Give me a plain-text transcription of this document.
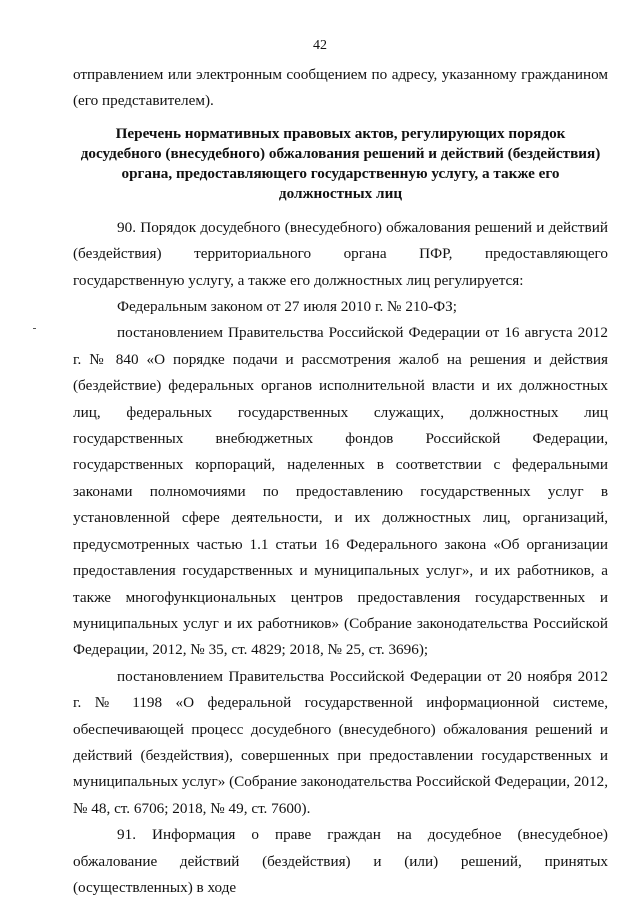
42

отправлением или электронным сообщением по адресу, указанному гражданином (его представителем).

Перечень нормативных правовых актов, регулирующих порядок досудебного (внесудебного) обжалования решений и действий (бездействия) органа, предоставляющего государственную услугу, а также его должностных лиц

90. Порядок досудебного (внесудебного) обжалования решений и действий (бездействия) территориального органа ПФР, предоставляющего государственную услугу, а также его должностных лиц регулируется:

Федеральным законом от 27 июля 2010 г. № 210-ФЗ;

постановлением Правительства Российской Федерации от 16 августа 2012 г. № 840 «О порядке подачи и рассмотрения жалоб на решения и действия (бездействие) федеральных органов исполнительной власти и их должностных лиц, федеральных государственных служащих, должностных лиц государственных внебюджетных фондов Российской Федерации, государственных корпораций, наделенных в соответствии с федеральными законами полномочиями по предоставлению государственных услуг в установленной сфере деятельности, и их должностных лиц, организаций, предусмотренных частью 1.1 статьи 16 Федерального закона «Об организации предоставления государственных и муниципальных услуг», и их работников, а также многофункциональных центров предоставления государственных и муниципальных услуг и их работников» (Собрание законодательства Российской Федерации, 2012, № 35, ст. 4829; 2018, № 25, ст. 3696);

постановлением Правительства Российской Федерации от 20 ноября 2012 г. № 1198 «О федеральной государственной информационной системе, обеспечивающей процесс досудебного (внесудебного) обжалования решений и действий (бездействия), совершенных при предоставлении государственных и муниципальных услуг» (Собрание законодательства Российской Федерации, 2012, № 48, ст. 6706; 2018, № 49, ст. 7600).

91. Информация о праве граждан на досудебное (внесудебное) обжалование действий (бездействия) и (или) решений, принятых (осуществленных) в ходе
